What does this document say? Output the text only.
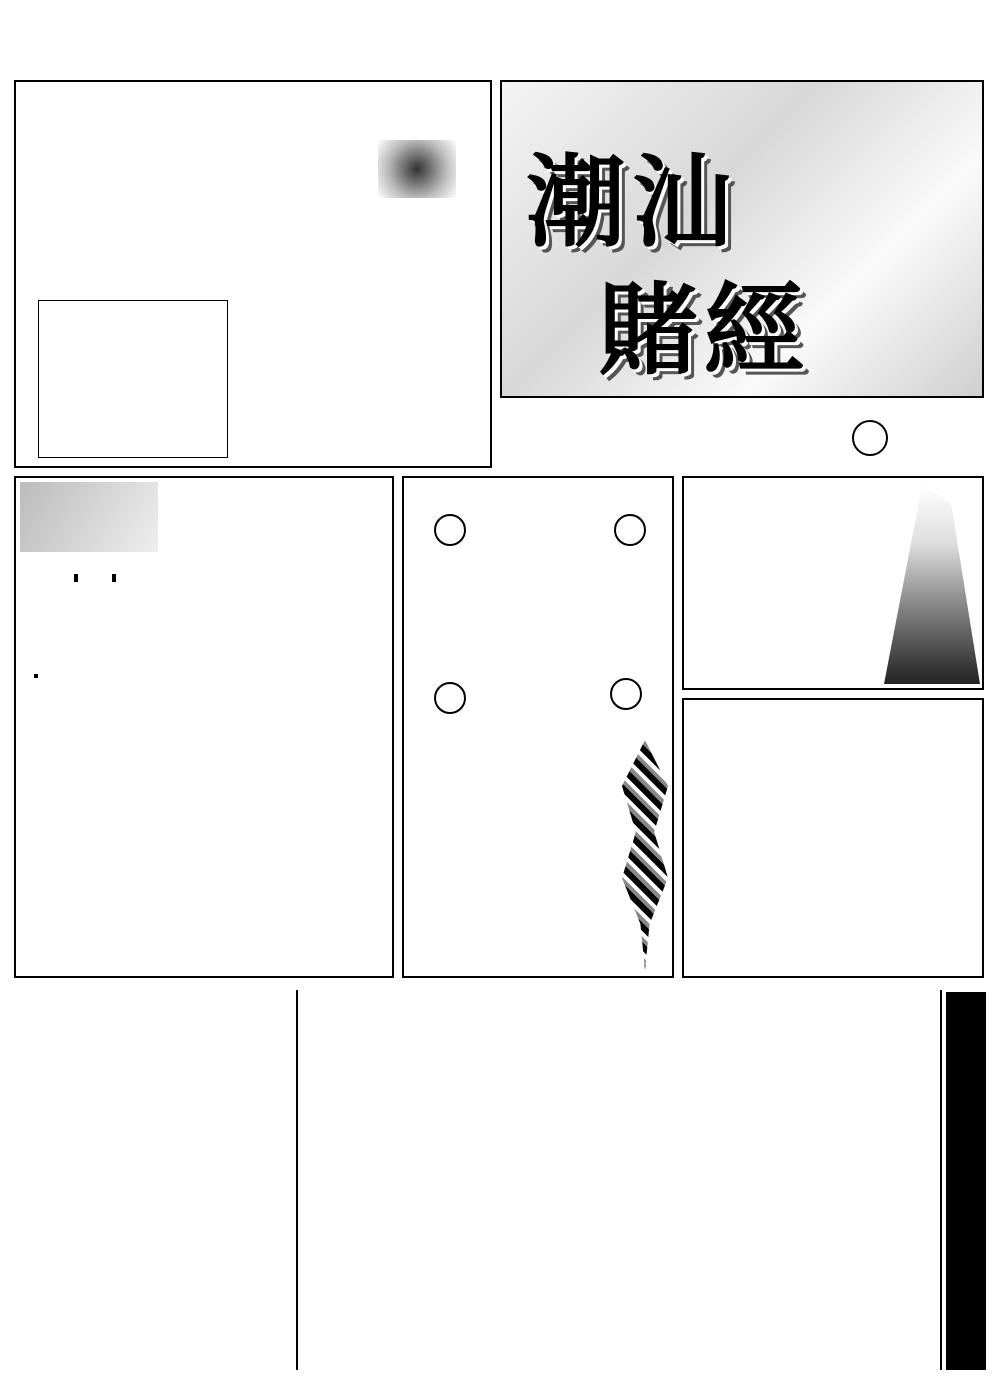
潮汕
賭經
